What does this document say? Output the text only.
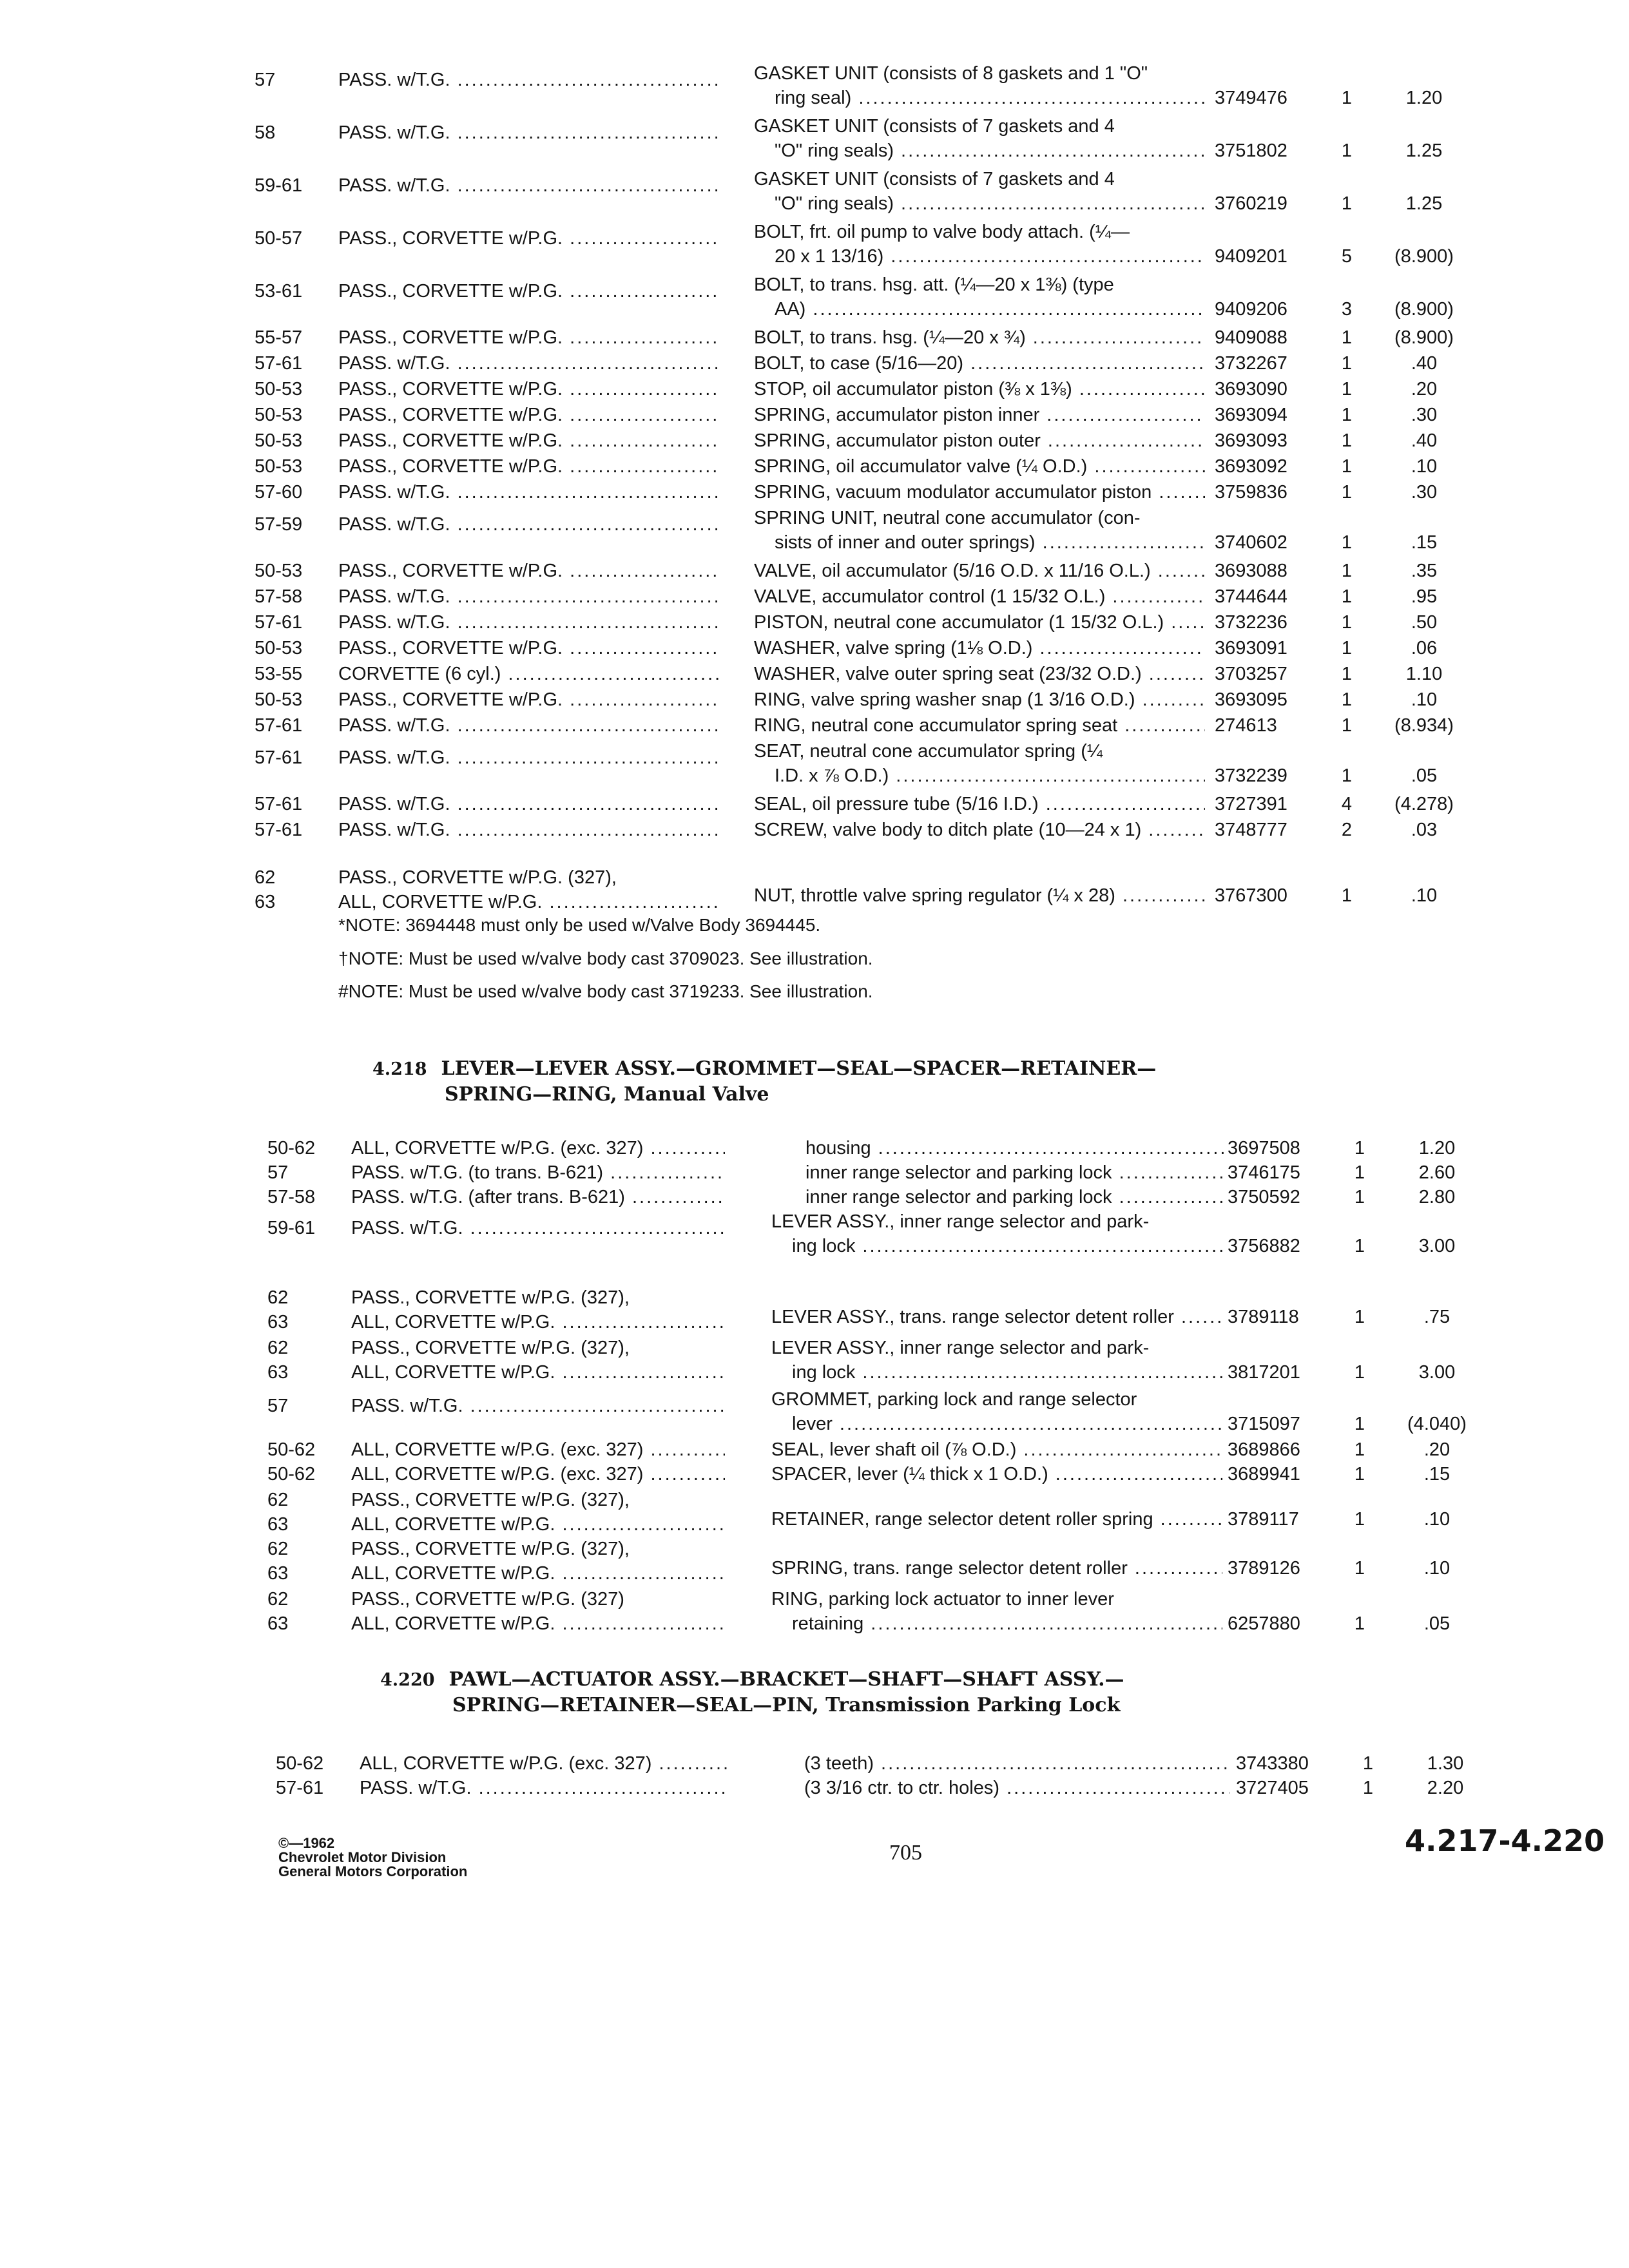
57	PASS. w/T.G. .....	GASKET UNIT (consists of 8 gaskets and 1 "O"
ring seal) .....	3749476	1	1.20
58	PASS. w/T.G. .....	GASKET UNIT (consists of 7 gaskets and 4
"O" ring seals) .....	3751802	1	1.25
59-61	PASS. w/T.G. .....	GASKET UNIT (consists of 7 gaskets and 4
"O" ring seals) .....	3760219	1	1.25
50-57	PASS., CORVETTE w/P.G. .....	BOLT, frt. oil pump to valve body attach. (¼—
20 x 1 13/16) .....	9409201	5	(8.900)
53-61	PASS., CORVETTE w/P.G. .....	BOLT, to trans. hsg. att. (¼—20 x 1⅜) (type
AA) .....	9409206	3	(8.900)
55-57	PASS., CORVETTE w/P.G. .....	BOLT, to trans. hsg. (¼—20 x ¾) .....	9409088	1	(8.900)
57-61	PASS. w/T.G. .....	BOLT, to case (5/16—20) .....	3732267	1	.40
50-53	PASS., CORVETTE w/P.G. .....	STOP, oil accumulator piston (⅜ x 1⅜) .....	3693090	1	.20
50-53	PASS., CORVETTE w/P.G. .....	SPRING, accumulator piston inner .....	3693094	1	.30
50-53	PASS., CORVETTE w/P.G. .....	SPRING, accumulator piston outer .....	3693093	1	.40
50-53	PASS., CORVETTE w/P.G. .....	SPRING, oil accumulator valve (¼ O.D.) .....	3693092	1	.10
57-60	PASS. w/T.G. .....	SPRING, vacuum modulator accumulator piston .....	3759836	1	.30
57-59	PASS. w/T.G. .....	SPRING UNIT, neutral cone accumulator (con-
sists of inner and outer springs) .....	3740602	1	.15
50-53	PASS., CORVETTE w/P.G. .....	VALVE, oil accumulator (5/16 O.D. x 11/16 O.L.) .....	3693088	1	.35
57-58	PASS. w/T.G. .....	VALVE, accumulator control (1 15/32 O.L.) .....	3744644	1	.95
57-61	PASS. w/T.G. .....	PISTON, neutral cone accumulator (1 15/32 O.L.) .....	3732236	1	.50
50-53	PASS., CORVETTE w/P.G. .....	WASHER, valve spring (1⅛ O.D.) .....	3693091	1	.06
53-55	CORVETTE (6 cyl.) .....	WASHER, valve outer spring seat (23/32 O.D.) .....	3703257	1	1.10
50-53	PASS., CORVETTE w/P.G. .....	RING, valve spring washer snap (1 3/16 O.D.) .....	3693095	1	.10
57-61	PASS. w/T.G. .....	RING, neutral cone accumulator spring seat .....	274613	1	(8.934)
57-61	PASS. w/T.G. .....	SEAT, neutral cone accumulator spring (¼
I.D. x ⅞ O.D.) .....	3732239	1	.05
57-61	PASS. w/T.G. .....	SEAL, oil pressure tube (5/16 I.D.) .....	3727391	4	(4.278)
57-61	PASS. w/T.G. .....	SCREW, valve body to ditch plate (10—24 x 1) .....	3748777	2	.03
62	PASS., CORVETTE w/P.G. (327),
63	ALL, CORVETTE w/P.G. .....	NUT, throttle valve spring regulator (¼ x 28) .....	3767300	1	.10
*NOTE: 3694448 must only be used w/Valve Body 3694445.
†NOTE: Must be used w/valve body cast 3709023. See illustration.
#NOTE: Must be used w/valve body cast 3719233. See illustration.
4.218 LEVER—LEVER ASSY.—GROMMET—SEAL—SPACER—RETAINER—
SPRING—RING, Manual Valve
50-62	ALL, CORVETTE w/P.G. (exc. 327) .....	housing .....	3697508	1	1.20
57	PASS. w/T.G. (to trans. B-621) .....	inner range selector and parking lock .....	3746175	1	2.60
57-58	PASS. w/T.G. (after trans. B-621) .....	inner range selector and parking lock .....	3750592	1	2.80
59-61	PASS. w/T.G. .....	LEVER ASSY., inner range selector and park-
ing lock .....	3756882	1	3.00
62	PASS., CORVETTE w/P.G. (327),
63	ALL, CORVETTE w/P.G. .....	LEVER ASSY., trans. range selector detent roller .....	3789118	1	.75
62	PASS., CORVETTE w/P.G. (327),
63	ALL, CORVETTE w/P.G. .....
LEVER ASSY., inner range selector and park-
ing lock .....	3817201	1	3.00
57	PASS. w/T.G. .....	GROMMET, parking lock and range selector
lever .....	3715097	1	(4.040)
50-62	ALL, CORVETTE w/P.G. (exc. 327) .....	SEAL, lever shaft oil (⅞ O.D.) .....	3689866	1	.20
50-62	ALL, CORVETTE w/P.G. (exc. 327) .....	SPACER, lever (¼ thick x 1 O.D.) .....	3689941	1	.15
62	PASS., CORVETTE w/P.G. (327),
63	ALL, CORVETTE w/P.G. .....	RETAINER, range selector detent roller spring .....	3789117	1	.10
62	PASS., CORVETTE w/P.G. (327),
63	ALL, CORVETTE w/P.G. .....	SPRING, trans. range selector detent roller .....	3789126	1	.10
62	PASS., CORVETTE w/P.G. (327)
63	ALL, CORVETTE w/P.G. .....
RING, parking lock actuator to inner lever
retaining .....	6257880	1	.05
4.220 PAWL—ACTUATOR ASSY.—BRACKET—SHAFT—SHAFT ASSY.—
SPRING—RETAINER—SEAL—PIN, Transmission Parking Lock
50-62	ALL, CORVETTE w/P.G. (exc. 327) .....	(3 teeth) .....	3743380	1	1.30
57-61	PASS. w/T.G. .....	(3 3/16 ctr. to ctr. holes) .....	3727405	1	2.20
©—1962
Chevrolet Motor Division
General Motors Corporation
705	4.217-4.220
